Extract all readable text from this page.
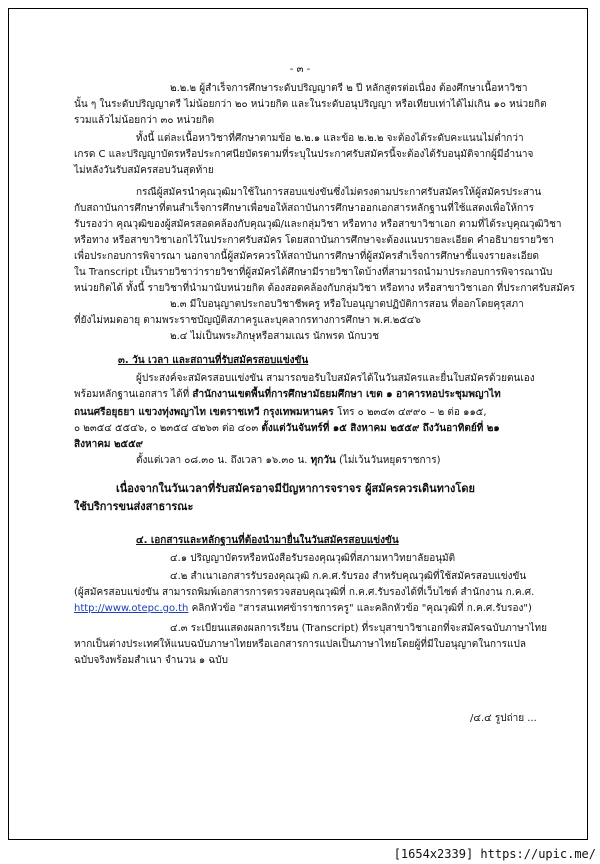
- ๓ -
๒.๒.๒ ผู้สำเร็จการศึกษาระดับปริญญาตรี ๒ ปี หลักสูตรต่อเนื่อง ต้องศึกษาเนื้อหาวิชา
นั้น ๆ ในระดับปริญญาตรี ไม่น้อยกว่า ๒๐ หน่วยกิต และในระดับอนุปริญญา หรือเทียบเท่าได้ไม่เกิน ๑๐ หน่วยกิต
รวมแล้วไม่น้อยกว่า ๓๐ หน่วยกิต
ทั้งนี้ แต่ละเนื้อหาวิชาที่ศึกษาตามข้อ ๒.๒.๑ และข้อ ๒.๒.๒ จะต้องได้ระดับคะแนนไม่ต่ำกว่า
เกรด C และปริญญาบัตรหรือประกาศนียบัตรตามที่ระบุในประกาศรับสมัครนี้จะต้องได้รับอนุมัติจากผู้มีอำนาจ
ไม่หลังวันรับสมัครสอบวันสุดท้าย
กรณีผู้สมัครนำคุณวุฒิมาใช้ในการสอบแข่งขันซึ่งไม่ตรงตามประกาศรับสมัครให้ผู้สมัครประสาน
กับสถาบันการศึกษาที่ตนสำเร็จการศึกษาเพื่อขอให้สถาบันการศึกษาออกเอกสารหลักฐานที่ใช้แสดงเพื่อให้การ
รับรองว่า คุณวุฒิของผู้สมัครสอดคล้องกับคุณวุฒิ/และกลุ่มวิชา หรือทาง หรือสาขาวิชาเอก ตามที่ได้ระบุคุณวุฒิวิชา
หรือทาง หรือสาขาวิชาเอกไว้ในประกาศรับสมัคร โดยสถาบันการศึกษาจะต้องแนบรายละเอียด คำอธิบายรายวิชา
เพื่อประกอบการพิจารณา นอกจากนี้ผู้สมัครควรให้สถาบันการศึกษาที่ผู้สมัครสำเร็จการศึกษาชี้แจงรายละเอียด
ใน Transcript เป็นรายวิชาว่ารายวิชาที่ผู้สมัครได้ศึกษามีรายวิชาใดบ้างที่สามารถนำมาประกอบการพิจารณานับ
หน่วยกิตได้ ทั้งนี้ รายวิชาที่นำมานับหน่วยกิต ต้องสอดคล้องกับกลุ่มวิชา หรือทาง หรือสาขาวิชาเอก ที่ประกาศรับสมัคร
๒.๓ มีใบอนุญาตประกอบวิชาชีพครู หรือใบอนุญาตปฏิบัติการสอน ที่ออกโดยคุรุสภา
ที่ยังไม่หมดอายุ ตามพระราชบัญญัติสภาครูและบุคลากรทางการศึกษา พ.ศ.๒๕๔๖
๒.๔ ไม่เป็นพระภิกษุหรือสามเณร นักพรต นักบวช
๓. วัน เวลา และสถานที่รับสมัครสอบแข่งขัน
ผู้ประสงค์จะสมัครสอบแข่งขัน สามารถขอรับใบสมัครได้ในวันสมัครและยื่นใบสมัครด้วยตนเอง
พร้อมหลักฐานเอกสาร ได้ที่ สำนักงานเขตพื้นที่การศึกษามัธยมศึกษา เขต ๑ อาคารหอประชุมพญาไท
ถนนศรีอยุธยา แขวงทุ่งพญาไท เขตราชเทวี กรุงเทพมหานคร โทร ๐ ๒๓๔๓ ๔๙๙๐ – ๒ ต่อ ๑๑๕,
๐ ๒๓๕๔ ๕๕๔๖, ๐ ๒๓๕๔ ๔๒๖๓ ต่อ ๔๐๓ ตั้งแต่วันจันทร์ที่ ๑๕ สิงหาคม ๒๕๕๙ ถึงวันอาทิตย์ที่ ๒๑
สิงหาคม ๒๕๕๙
ตั้งแต่เวลา ๐๘.๓๐ น. ถึงเวลา ๑๖.๓๐ น. ทุกวัน (ไม่เว้นวันหยุดราชการ)
เนื่องจากในวันเวลาที่รับสมัครอาจมีปัญหาการจราจร ผู้สมัครควรเดินทางโดย
ใช้บริการขนส่งสาธารณะ
๔. เอกสารและหลักฐานที่ต้องนำมายื่นในวันสมัครสอบแข่งขัน
๔.๑ ปริญญาบัตรหรือหนังสือรับรองคุณวุฒิที่สภามหาวิทยาลัยอนุมัติ
๔.๒ สำเนาเอกสารรับรองคุณวุฒิ ก.ค.ศ.รับรอง สำหรับคุณวุฒิที่ใช้สมัครสอบแข่งขัน
(ผู้สมัครสอบแข่งขัน สามารถพิมพ์เอกสารการตรวจสอบคุณวุฒิที่ ก.ค.ศ.รับรองได้ที่เว็บไซต์ สำนักงาน ก.ค.ศ.
http://www.otepc.go.th คลิกหัวข้อ "สารสนเทศข้าราชการครู" และคลิกหัวข้อ "คุณวุฒิที่ ก.ค.ศ.รับรอง")
๔.๓ ระเบียนแสดงผลการเรียน (Transcript) ที่ระบุสาขาวิชาเอกที่จะสมัครฉบับภาษาไทย
หากเป็นต่างประเทศให้แนบฉบับภาษาไทยหรือเอกสารการแปลเป็นภาษาไทยโดยผู้ที่มีใบอนุญาตในการแปล
ฉบับจริงพร้อมสำเนา จำนวน ๑ ฉบับ
/๔.๔ รูปถ่าย ...
[1654x2339] https://upic.me/
